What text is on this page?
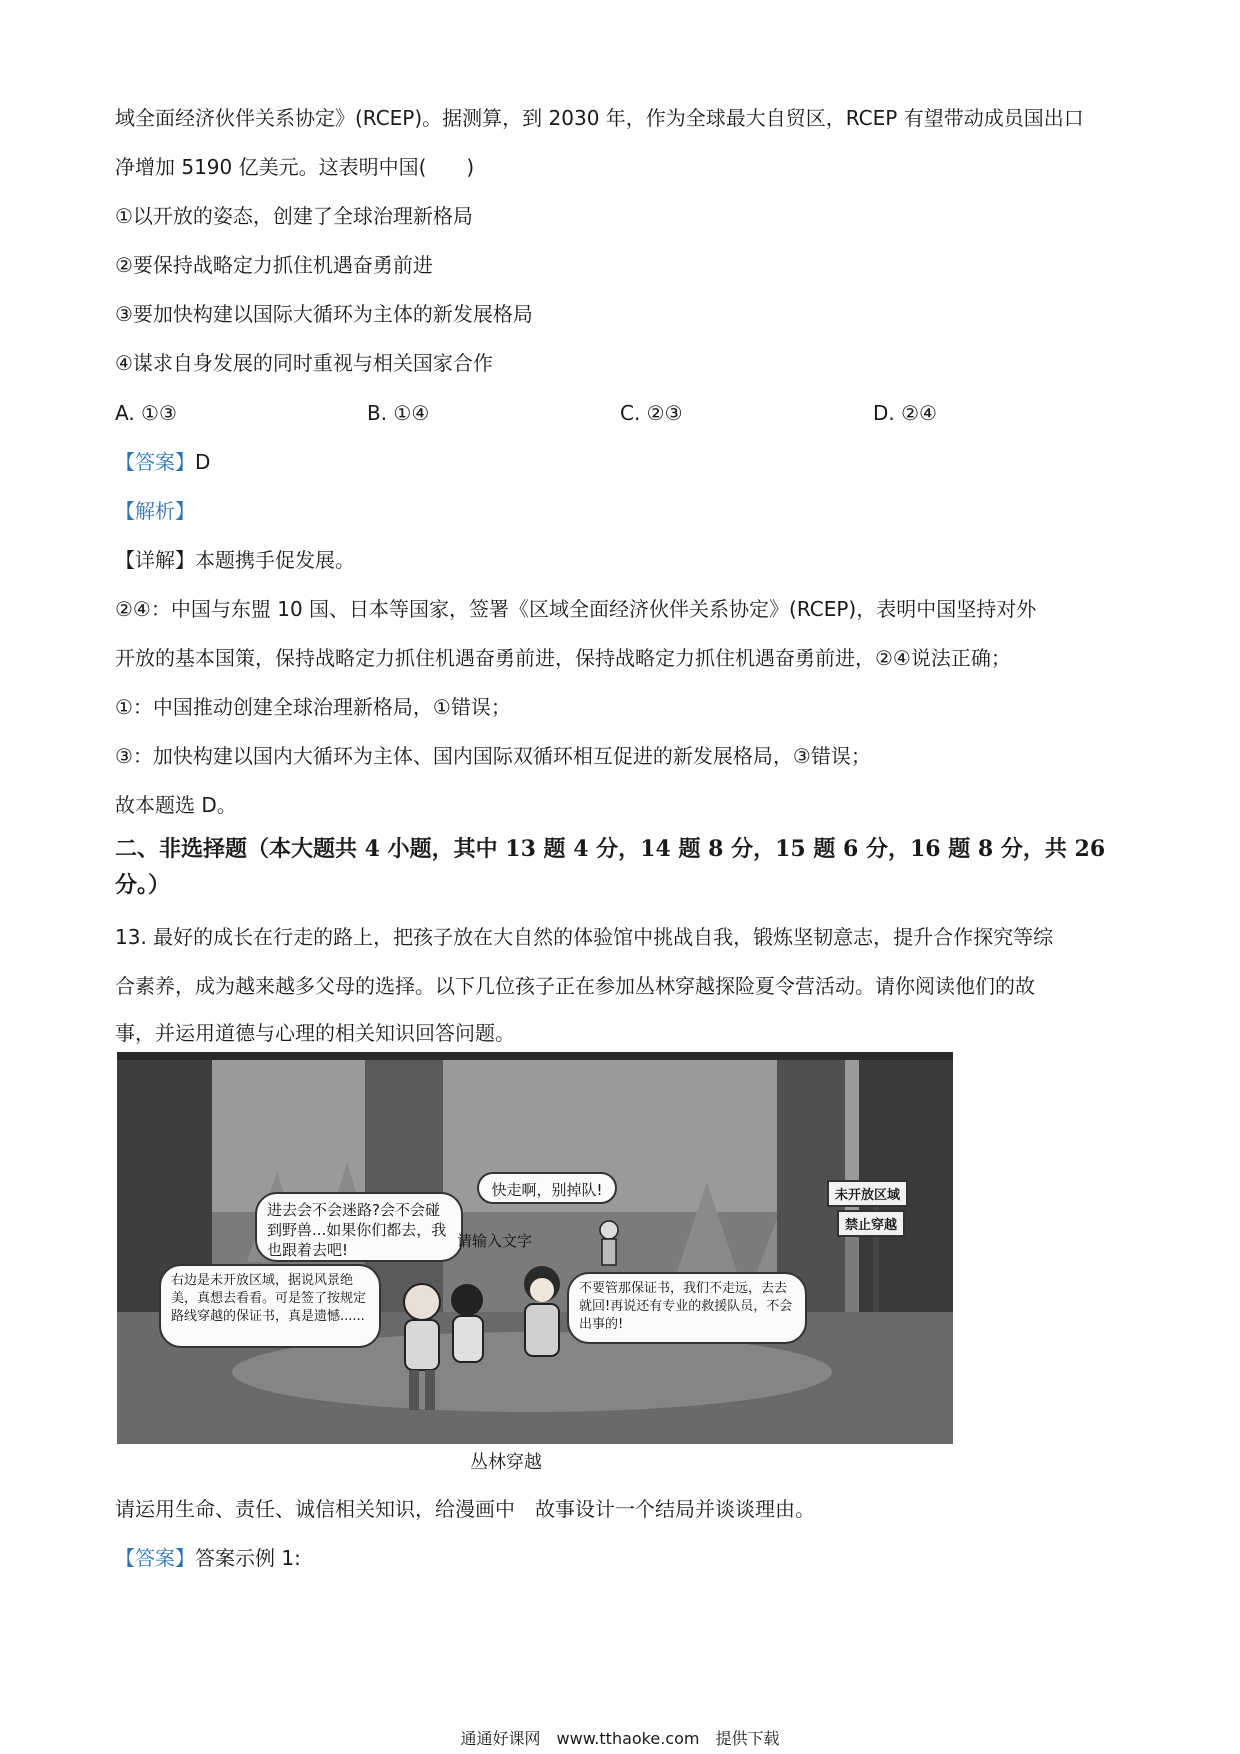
域全面经济伙伴关系协定》(RCEP)。据测算，到 2030 年，作为全球最大自贸区，RCEP 有望带动成员国出口
净增加 5190 亿美元。这表明中国(　　)
①以开放的姿态，创建了全球治理新格局
②要保持战略定力抓住机遇奋勇前进
③要加快构建以国际大循环为主体的新发展格局
④谋求自身发展的同时重视与相关国家合作
A. ①③	B. ①④	C. ②③	D. ②④
【答案】D
【解析】
【详解】本题携手促发展。
②④：中国与东盟 10 国、日本等国家，签署《区域全面经济伙伴关系协定》(RCEP)，表明中国坚持对外
开放的基本国策，保持战略定力抓住机遇奋勇前进，保持战略定力抓住机遇奋勇前进，②④说法正确；
①：中国推动创建全球治理新格局，①错误；
③：加快构建以国内大循环为主体、国内国际双循环相互促进的新发展格局，③错误；
故本题选 D。
二、非选择题（本大题共 4 小题，其中 13 题 4 分，14 题 8 分，15 题 6 分，16 题 8 分，共 26
分。）
13. 最好的成长在行走的路上，把孩子放在大自然的体验馆中挑战自我，锻炼坚韧意志，提升合作探究等综
合素养，成为越来越多父母的选择。以下几位孩子正在参加丛林穿越探险夏令营活动。请你阅读他们的故
事，并运用道德与心理的相关知识回答问题。
进去会不会迷路?会不会碰到野兽...如果你们都去，我也跟着去吧!
快走啊，别掉队!
请输入文字
右边是未开放区域，据说风景绝美，真想去看看。可是签了按规定路线穿越的保证书，真是遗憾......
不要管那保证书，我们不走远，去去就回!再说还有专业的救援队员，不会出事的!
未开放区域
禁止穿越
丛林穿越
请运用生命、责任、诚信相关知识，给漫画中　故事设计一个结局并谈谈理由。
【答案】答案示例 1:
通通好课网　www.tthaoke.com　提供下载
